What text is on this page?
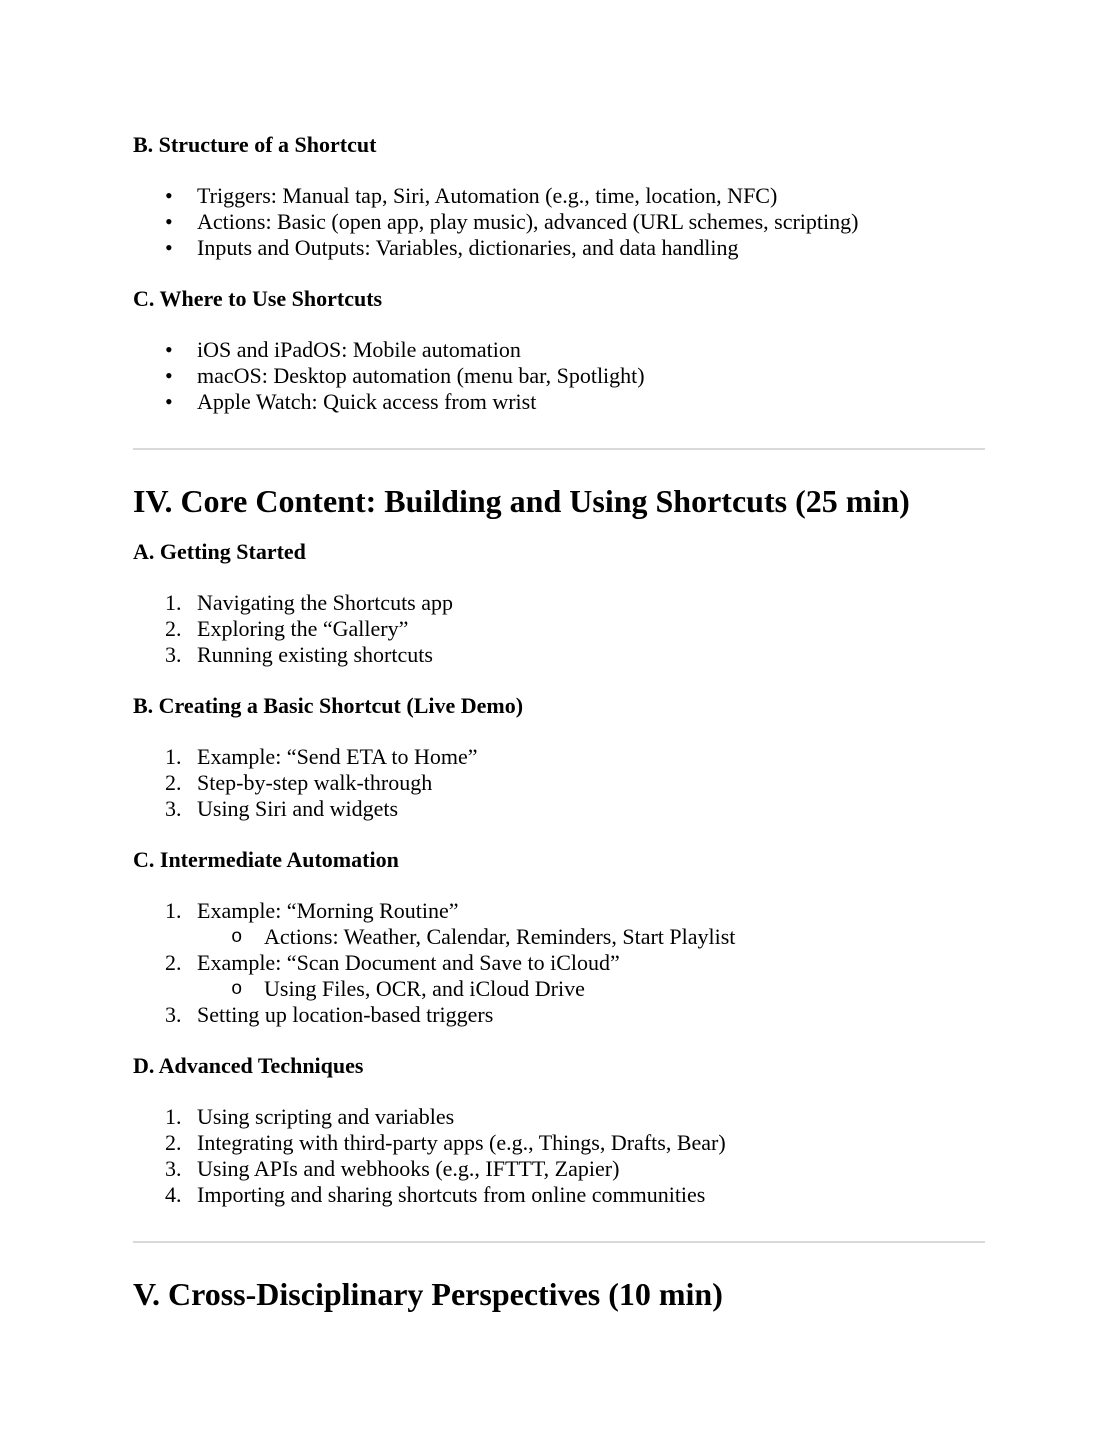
B. Structure of a Shortcut
• Triggers: Manual tap, Siri, Automation (e.g., time, location, NFC)
• Actions: Basic (open app, play music), advanced (URL schemes, scripting)
• Inputs and Outputs: Variables, dictionaries, and data handling
C. Where to Use Shortcuts
• iOS and iPadOS: Mobile automation
• macOS: Desktop automation (menu bar, Spotlight)
• Apple Watch: Quick access from wrist
IV. Core Content: Building and Using Shortcuts (25 min)
A. Getting Started
1. Navigating the Shortcuts app
2. Exploring the “Gallery”
3. Running existing shortcuts
B. Creating a Basic Shortcut (Live Demo)
1. Example: “Send ETA to Home”
2. Step-by-step walk-through
3. Using Siri and widgets
C. Intermediate Automation
1. Example: “Morning Routine”
o Actions: Weather, Calendar, Reminders, Start Playlist
2. Example: “Scan Document and Save to iCloud”
o Using Files, OCR, and iCloud Drive
3. Setting up location-based triggers
D. Advanced Techniques
1. Using scripting and variables
2. Integrating with third-party apps (e.g., Things, Drafts, Bear)
3. Using APIs and webhooks (e.g., IFTTT, Zapier)
4. Importing and sharing shortcuts from online communities
V. Cross-Disciplinary Perspectives (10 min)
